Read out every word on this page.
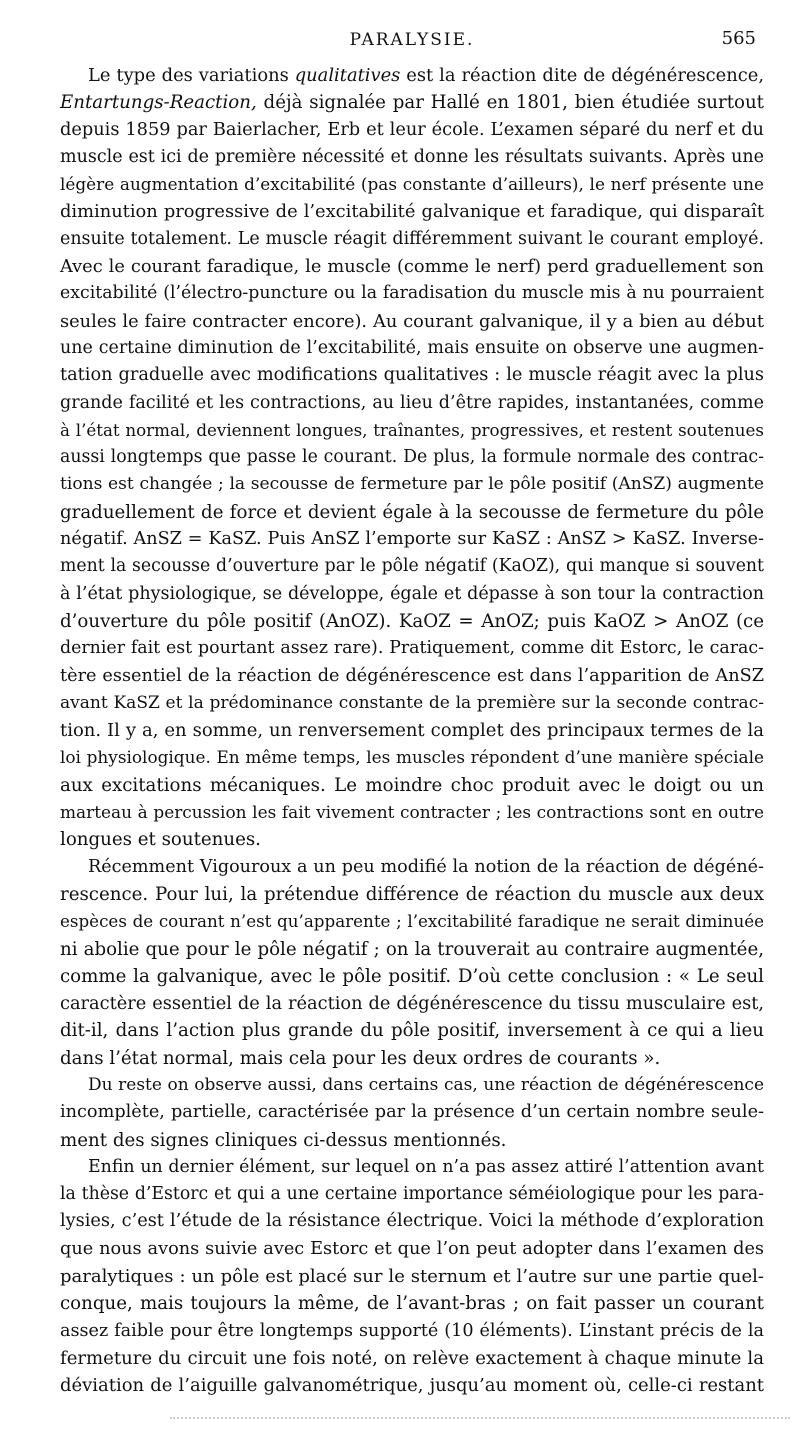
PARALYSIE.	565
Le type des variations qualitatives est la réaction dite de dégénérescence,
Entartungs-Reaction, déjà signalée par Hallé en 1801, bien étudiée surtout
depuis 1859 par Baierlacher, Erb et leur école. L’examen séparé du nerf et du
muscle est ici de première nécessité et donne les résultats suivants. Après une
légère augmentation d’excitabilité (pas constante d’ailleurs), le nerf présente une
diminution progressive de l’excitabilité galvanique et faradique, qui disparaît
ensuite totalement. Le muscle réagit différemment suivant le courant employé.
Avec le courant faradique, le muscle (comme le nerf) perd graduellement son
excitabilité (l’électro-puncture ou la faradisation du muscle mis à nu pourraient
seules le faire contracter encore). Au courant galvanique, il y a bien au début
une certaine diminution de l’excitabilité, mais ensuite on observe une augmen-
tation graduelle avec modifications qualitatives : le muscle réagit avec la plus
grande facilité et les contractions, au lieu d’être rapides, instantanées, comme
à l’état normal, deviennent longues, traînantes, progressives, et restent soutenues
aussi longtemps que passe le courant. De plus, la formule normale des contrac-
tions est changée ; la secousse de fermeture par le pôle positif (AnSZ) augmente
graduellement de force et devient égale à la secousse de fermeture du pôle
négatif. AnSZ = KaSZ. Puis AnSZ l’emporte sur KaSZ : AnSZ > KaSZ. Inverse-
ment la secousse d’ouverture par le pôle négatif (KaOZ), qui manque si souvent
à l’état physiologique, se développe, égale et dépasse à son tour la contraction
d’ouverture du pôle positif (AnOZ). KaOZ = AnOZ; puis KaOZ > AnOZ (ce
dernier fait est pourtant assez rare). Pratiquement, comme dit Estorc, le carac-
tère essentiel de la réaction de dégénérescence est dans l’apparition de AnSZ
avant KaSZ et la prédominance constante de la première sur la seconde contrac-
tion. Il y a, en somme, un renversement complet des principaux termes de la
loi physiologique. En même temps, les muscles répondent d’une manière spéciale
aux excitations mécaniques. Le moindre choc produit avec le doigt ou un
marteau à percussion les fait vivement contracter ; les contractions sont en outre
longues et soutenues.
Récemment Vigouroux a un peu modifié la notion de la réaction de dégéné-
rescence. Pour lui, la prétendue différence de réaction du muscle aux deux
espèces de courant n’est qu’apparente ; l’excitabilité faradique ne serait diminuée
ni abolie que pour le pôle négatif ; on la trouverait au contraire augmentée,
comme la galvanique, avec le pôle positif. D’où cette conclusion : « Le seul
caractère essentiel de la réaction de dégénérescence du tissu musculaire est,
dit-il, dans l’action plus grande du pôle positif, inversement à ce qui a lieu
dans l’état normal, mais cela pour les deux ordres de courants ».
Du reste on observe aussi, dans certains cas, une réaction de dégénérescence
incomplète, partielle, caractérisée par la présence d’un certain nombre seule-
ment des signes cliniques ci-dessus mentionnés.
Enfin un dernier élément, sur lequel on n’a pas assez attiré l’attention avant
la thèse d’Estorc et qui a une certaine importance séméiologique pour les para-
lysies, c’est l’étude de la résistance électrique. Voici la méthode d’exploration
que nous avons suivie avec Estorc et que l’on peut adopter dans l’examen des
paralytiques : un pôle est placé sur le sternum et l’autre sur une partie quel-
conque, mais toujours la même, de l’avant-bras ; on fait passer un courant
assez faible pour être longtemps supporté (10 éléments). L’instant précis de la
fermeture du circuit une fois noté, on relève exactement à chaque minute la
déviation de l’aiguille galvanométrique, jusqu’au moment où, celle-ci restant
